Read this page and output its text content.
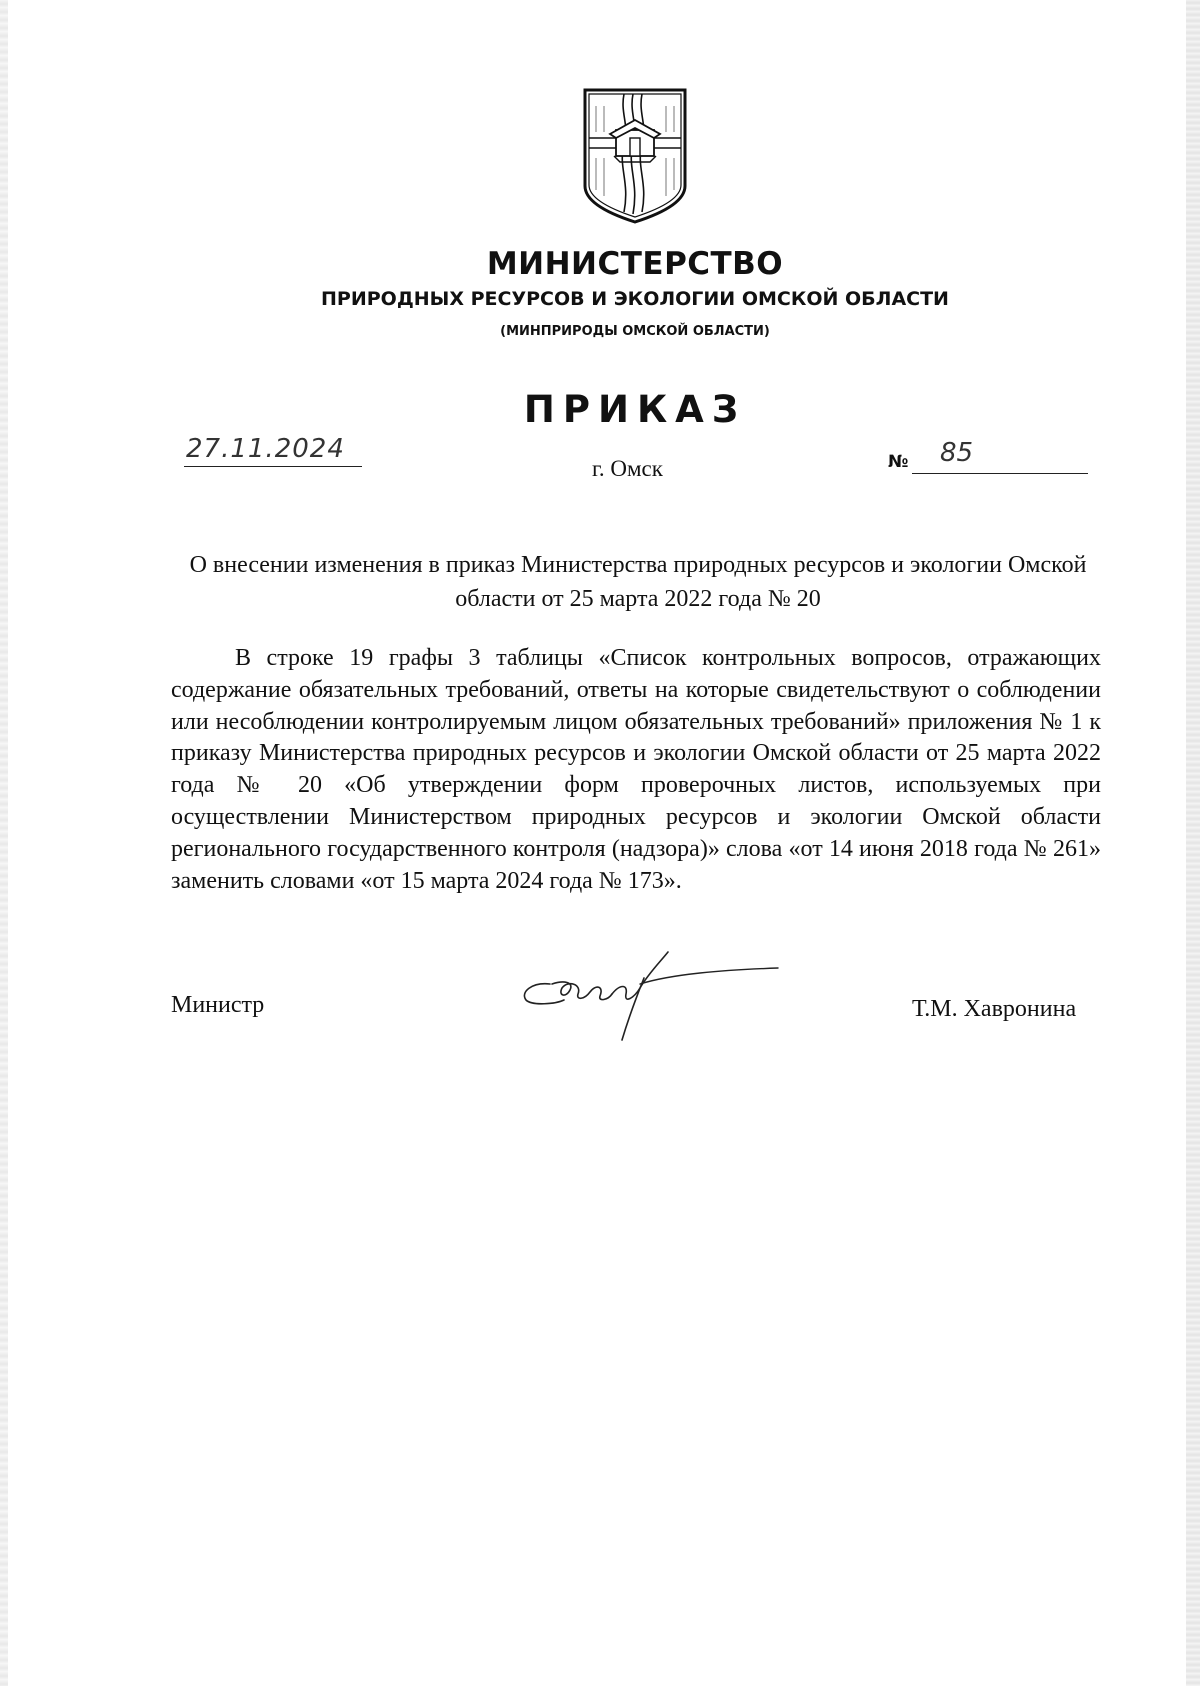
МИНИСТЕРСТВО
ПРИРОДНЫХ РЕСУРСОВ И ЭКОЛОГИИ ОМСКОЙ ОБЛАСТИ
(МИНПРИРОДЫ ОМСКОЙ ОБЛАСТИ)
ПРИКАЗ
27.11.2024
г. Омск	№ 85
О внесении изменения в приказ Министерства природных ресурсов и экологии Омской области от 25 марта 2022 года № 20

В строке 19 графы 3 таблицы «Список контрольных вопросов, отражающих содержание обязательных требований, ответы на которые свидетельствуют о соблюдении или несоблюдении контролируемым лицом обязательных требований» приложения № 1 к приказу Министерства природных ресурсов и экологии Омской области от 25 марта 2022 года № 20 «Об утверждении форм проверочных листов, используемых при осуществлении Министерством природных ресурсов и экологии Омской области регионального государственного контроля (надзора)» слова «от 14 июня 2018 года № 261» заменить словами «от 15 марта 2024 года № 173».

Министр	Т.М. Хавронина
